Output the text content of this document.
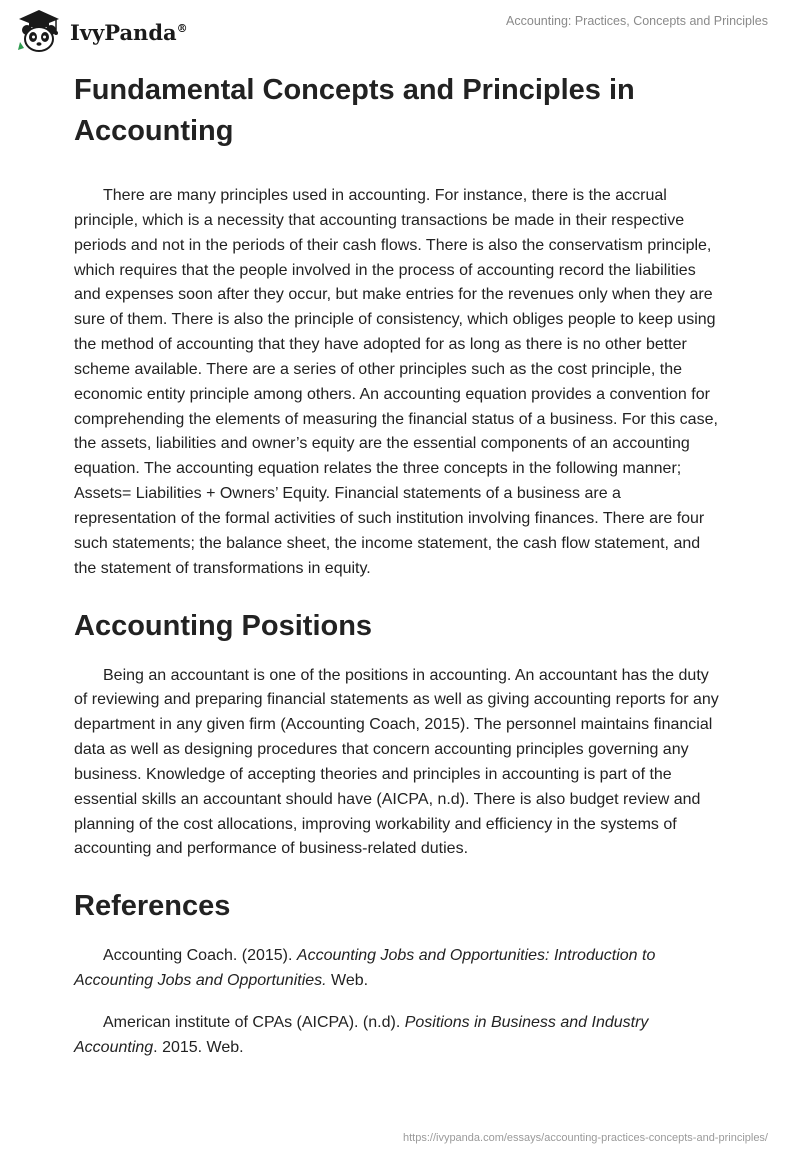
IvyPanda®	Accounting: Practices, Concepts and Principles
Fundamental Concepts and Principles in Accounting

There are many principles used in accounting. For instance, there is the accrual principle, which is a necessity that accounting transactions be made in their respective periods and not in the periods of their cash flows. There is also the conservatism principle, which requires that the people involved in the process of accounting record the liabilities and expenses soon after they occur, but make entries for the revenues only when they are sure of them. There is also the principle of consistency, which obliges people to keep using the method of accounting that they have adopted for as long as there is no other better scheme available. There are a series of other principles such as the cost principle, the economic entity principle among others. An accounting equation provides a convention for comprehending the elements of measuring the financial status of a business. For this case, the assets, liabilities and owner’s equity are the essential components of an accounting equation. The accounting equation relates the three concepts in the following manner; Assets= Liabilities + Owners’ Equity. Financial statements of a business are a representation of the formal activities of such institution involving finances. There are four such statements; the balance sheet, the income statement, the cash flow statement, and the statement of transformations in equity.

Accounting Positions

Being an accountant is one of the positions in accounting. An accountant has the duty of reviewing and preparing financial statements as well as giving accounting reports for any department in any given firm (Accounting Coach, 2015). The personnel maintains financial data as well as designing procedures that concern accounting principles governing any business. Knowledge of accepting theories and principles in accounting is part of the essential skills an accountant should have (AICPA, n.d). There is also budget review and planning of the cost allocations, improving workability and efficiency in the systems of accounting and performance of business-related duties.

References

Accounting Coach. (2015). Accounting Jobs and Opportunities: Introduction to Accounting Jobs and Opportunities. Web.

American institute of CPAs (AICPA). (n.d). Positions in Business and Industry Accounting. 2015. Web.

https://ivypanda.com/essays/accounting-practices-concepts-and-principles/
